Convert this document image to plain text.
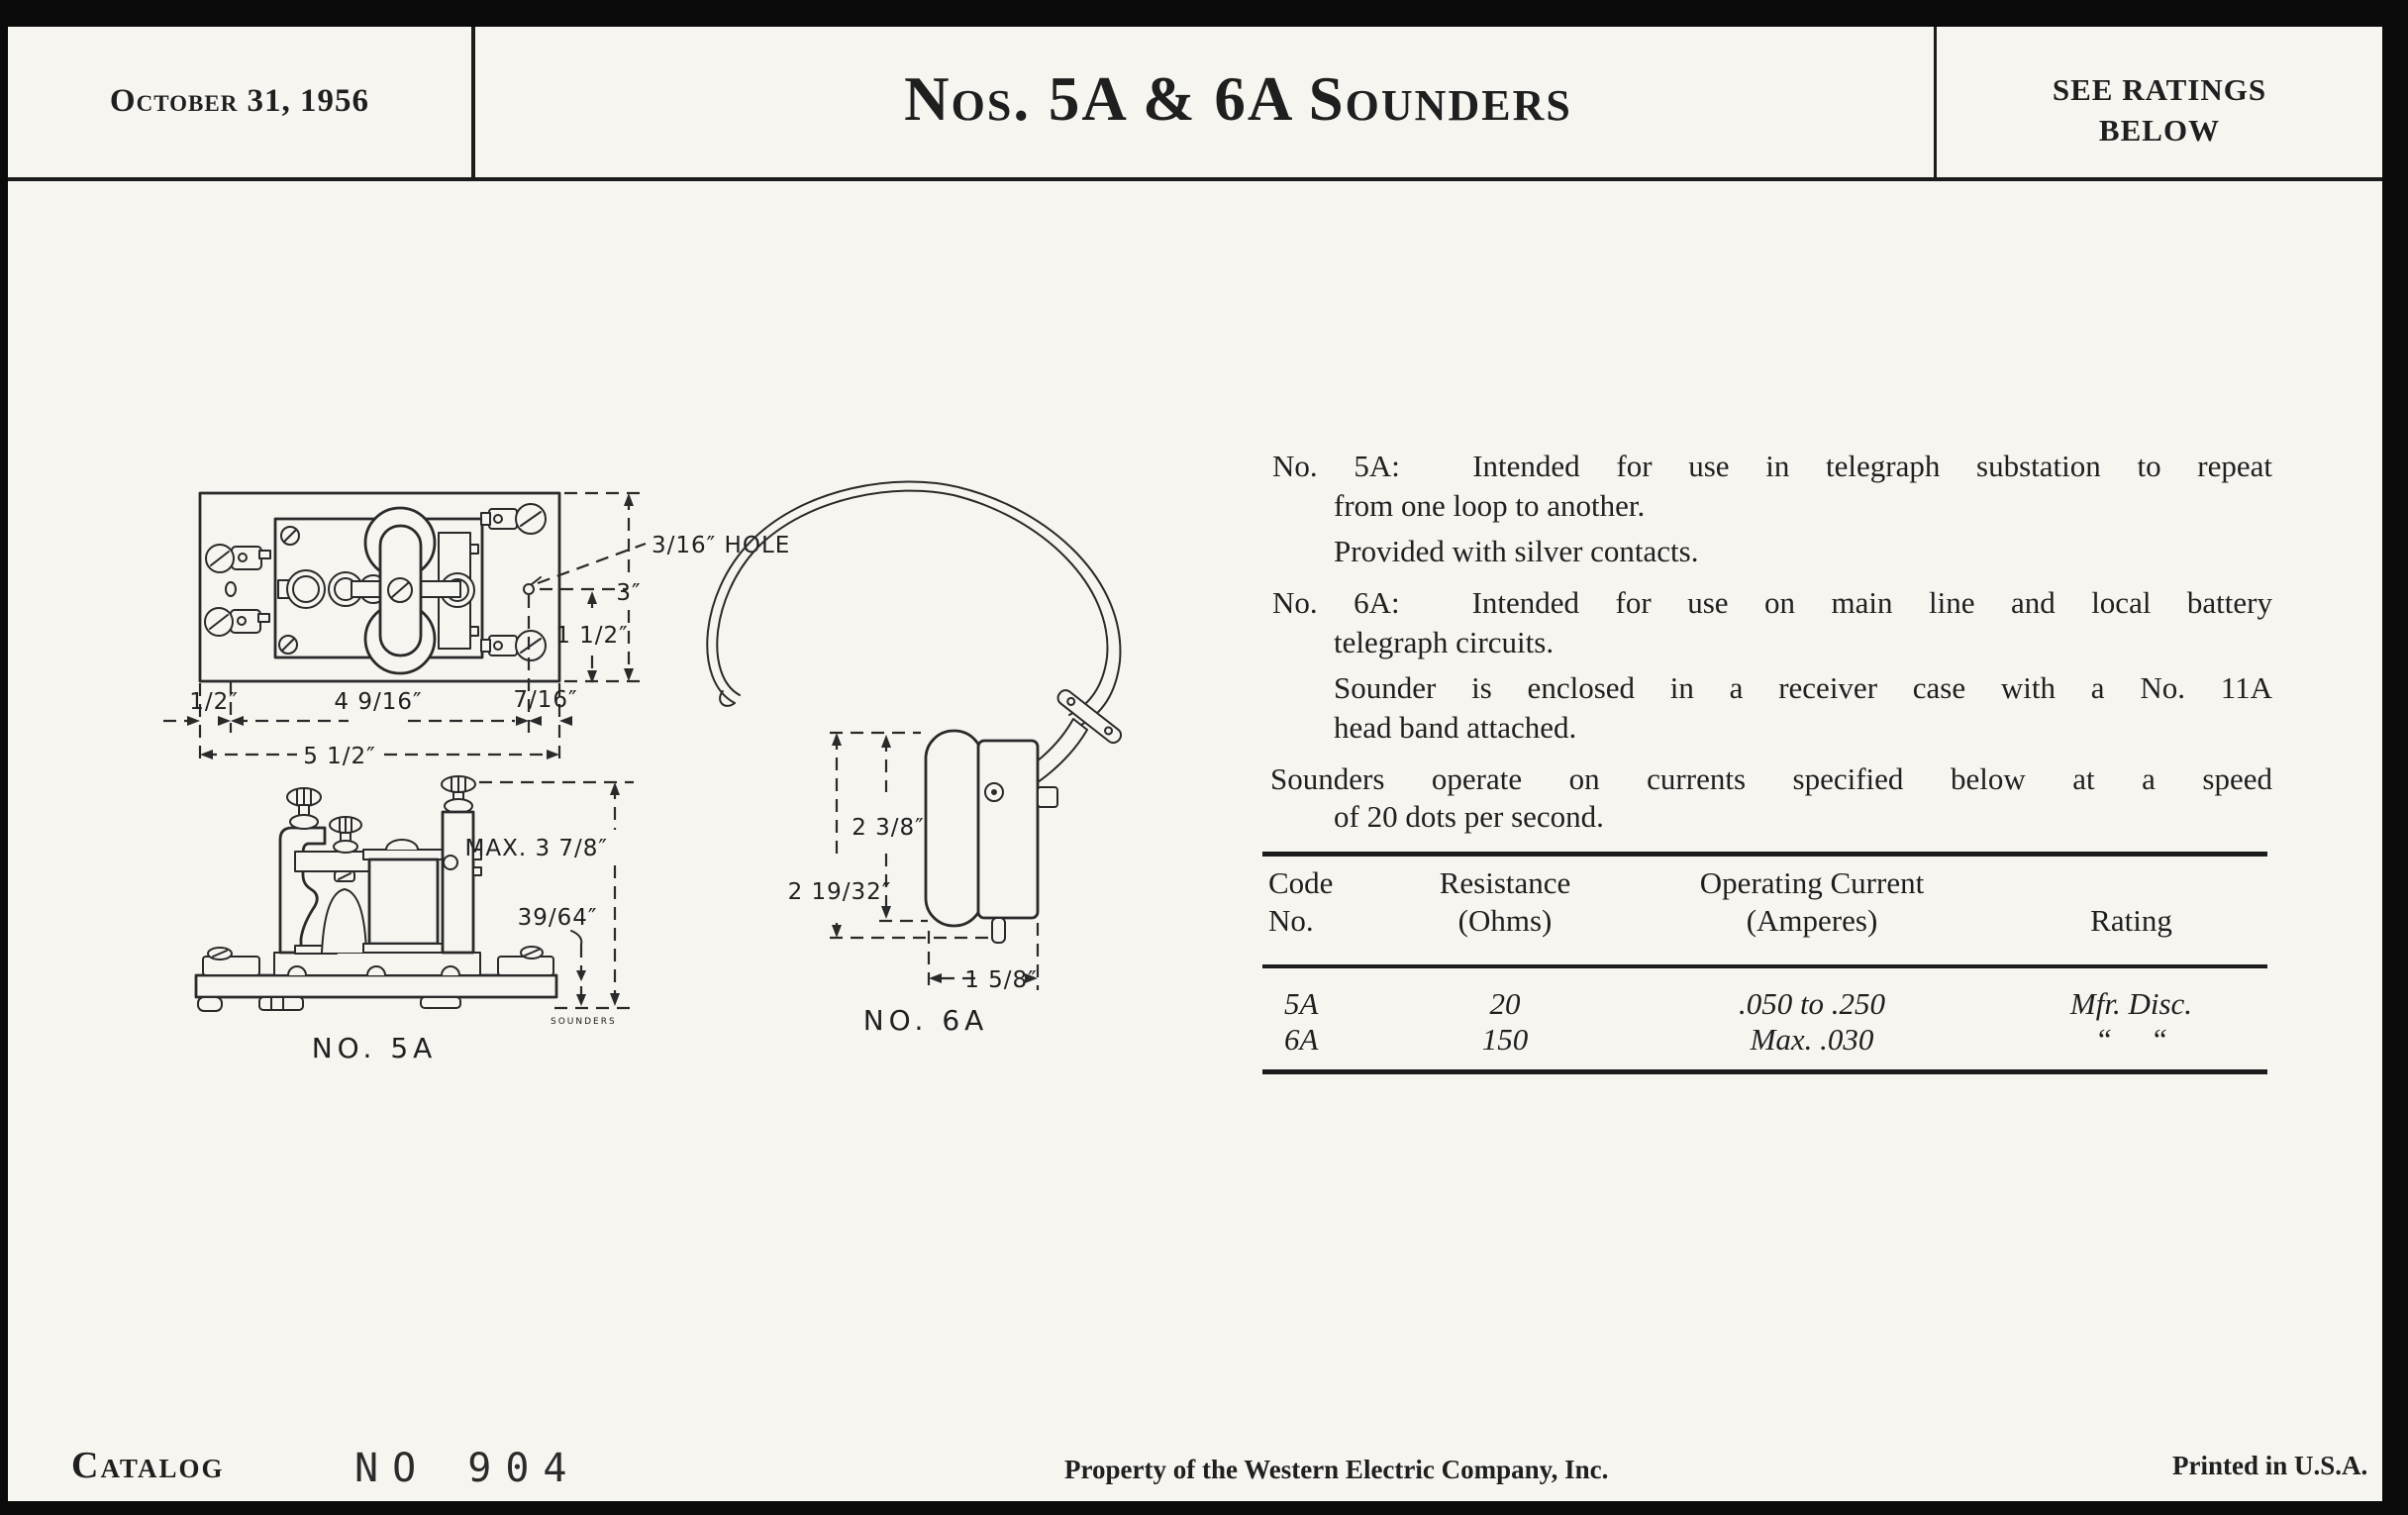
October 31, 1956	Nos. 5A & 6A Sounders	SEE RATINGS
BELOW
3/16″ HOLE
1 1/2″
3″
1/2″	4 9/16″	7/16″
5 1/2″
MAX. 3 7/8″
39/64″
SOUNDERS
NO. 5A
2 19/32″
2 3/8″
1 5/8″
NO. 6A
No. 5A:  Intended for use in telegraph substation to repeat
from one loop to another.
Provided with silver contacts.
No. 6A:  Intended for use on main line and local battery
telegraph circuits.
Sounder is enclosed in a receiver case with a No. 11A
head band attached.
Sounders operate on currents specified below at a speed
of 20 dots per second.
Code	Resistance	Operating Current
No.	(Ohms)	(Amperes)	Rating
5A	20	.050 to .250	Mfr. Disc.
6A	150	Max. .030	“     “
Catalog	NO 904	Property of the Western Electric Company, Inc.	Printed in U.S.A.
